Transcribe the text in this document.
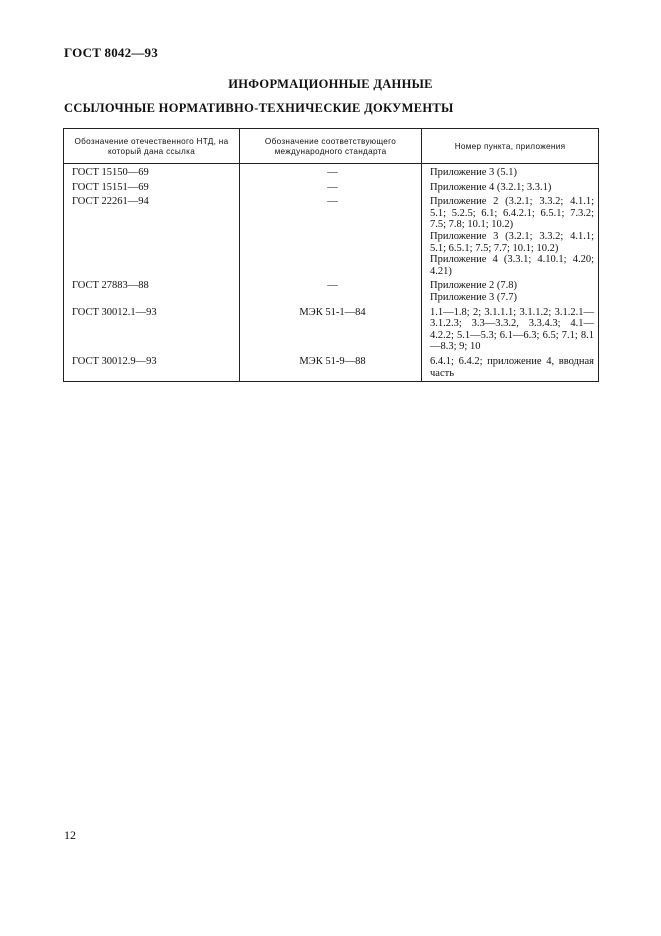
ГОСТ 8042—93
ИНФОРМАЦИОННЫЕ ДАННЫЕ
ССЫЛОЧНЫЕ НОРМАТИВНО-ТЕХНИЧЕСКИЕ ДОКУМЕНТЫ
Обозначение отечественного НТД, на который дана ссылка	Обозначение соответствующего международного стандарта	Номер пункта, приложения
ГОСТ 15150—69	—	Приложение 3 (5.1)

ГОСТ 15151—69	—	Приложение 4 (3.2.1; 3.3.1)

ГОСТ 22261—94	—	Приложение 2 (3.2.1; 3.3.2; 4.1.1; 5.1; 5.2.5; 6.1; 6.4.2.1; 6.5.1; 7.3.2; 7.5; 7.8; 10.1; 10.2)
Приложение 3 (3.2.1; 3.3.2; 4.1.1; 5.1; 6.5.1; 7.5; 7.7; 10.1; 10.2)
Приложение 4 (3.3.1; 4.10.1; 4.20; 4.21)

ГОСТ 27883—88	—	Приложение 2 (7.8)
Приложение 3 (7.7)

ГОСТ 30012.1—93	МЭК 51-1—84	1.1—1.8; 2; 3.1.1.1; 3.1.1.2; 3.1.2.1—3.1.2.3; 3.3—3.3.2, 3.3.4.3; 4.1—4.2.2; 5.1—5.3; 6.1—6.3; 6.5; 7.1; 8.1—8.3; 9; 10

ГОСТ 30012.9—93	МЭК 51-9—88	6.4.1; 6.4.2; приложение 4, вводная часть
12
